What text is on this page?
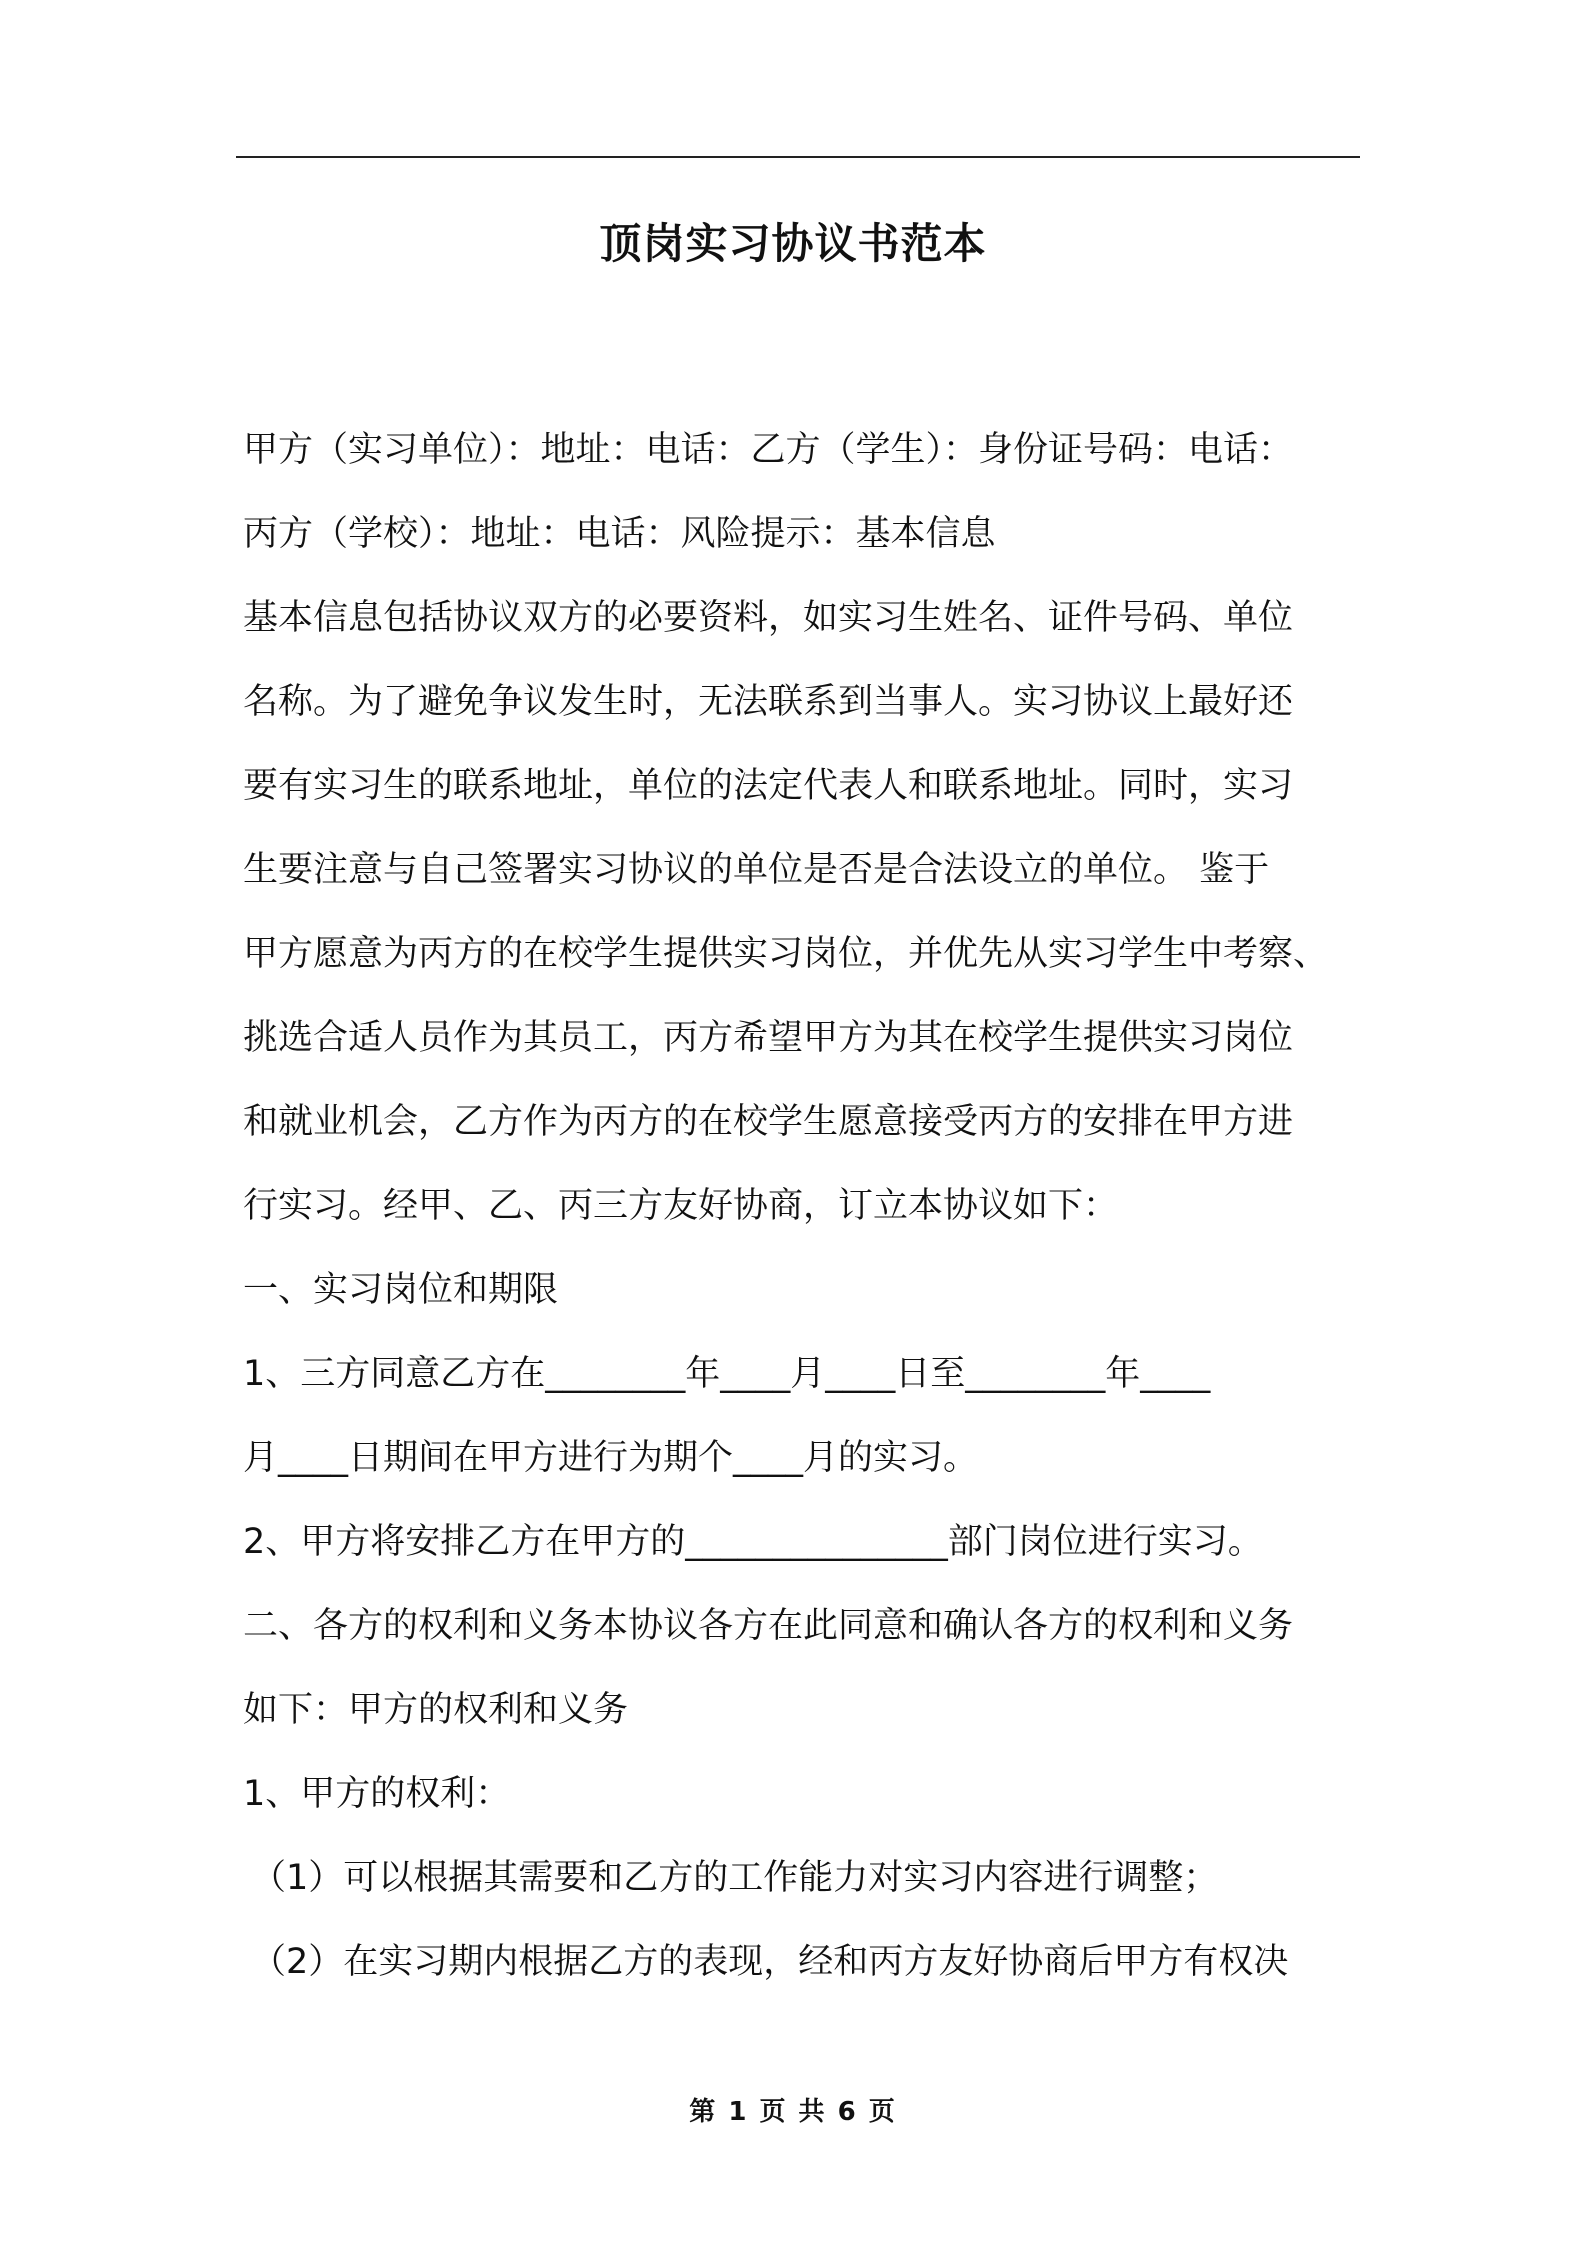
顶岗实习协议书范本
甲方（实习单位）：地址：电话：乙方（学生）：身份证号码：电话：
丙方（学校）：地址：电话：风险提示：基本信息
基本信息包括协议双方的必要资料，如实习生姓名、证件号码、单位
名称。为了避免争议发生时，无法联系到当事人。实习协议上最好还
要有实习生的联系地址，单位的法定代表人和联系地址。同时，实习
生要注意与自己签署实习协议的单位是否是合法设立的单位。 鉴于
甲方愿意为丙方的在校学生提供实习岗位，并优先从实习学生中考察、
挑选合适人员作为其员工，丙方希望甲方为其在校学生提供实习岗位
和就业机会，乙方作为丙方的在校学生愿意接受丙方的安排在甲方进
行实习。经甲、乙、丙三方友好协商，订立本协议如下：
一、实习岗位和期限
1、三方同意乙方在________年____月____日至________年____
月____日期间在甲方进行为期个____月的实习。
2、甲方将安排乙方在甲方的_______________部门岗位进行实习。
二、各方的权利和义务本协议各方在此同意和确认各方的权利和义务
如下：甲方的权利和义务
1、甲方的权利：
（1）可以根据其需要和乙方的工作能力对实习内容进行调整；
（2）在实习期内根据乙方的表现，经和丙方友好协商后甲方有权决
第 1 页 共 6 页
